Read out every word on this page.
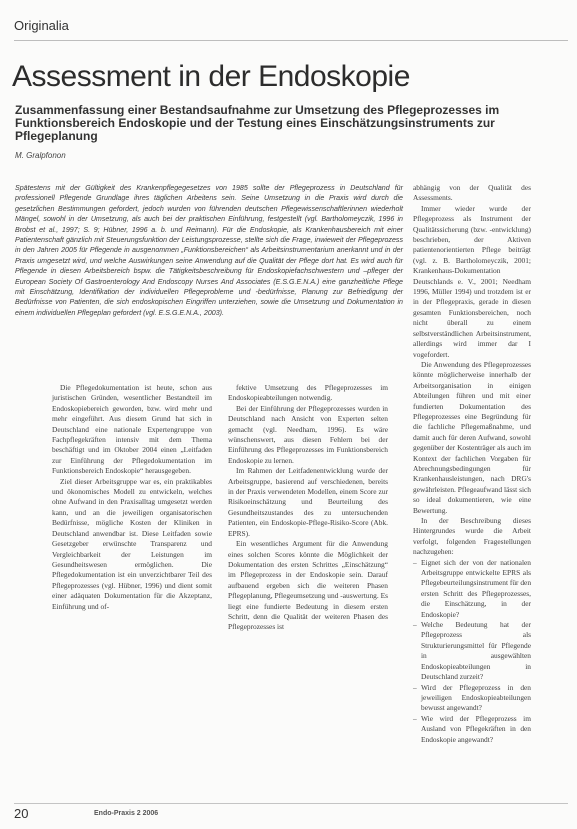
Originalia
Assessment in der Endoskopie
Zusammenfassung einer Bestandsaufnahme zur Umsetzung des Pflegeprozesses im Funktionsbereich Endoskopie und der Testung eines Einschätzungsinstruments zur Pflegeplanung
M. Gralpfonon

Spätestens mit der Gültigkeit des Krankenpflegegesetzes von 1985 sollte der Pflegeprozess in Deutschland für professionell Pflegende Grundlage ihres täglichen Arbeitens sein. Seine Umsetzung in die Praxis wird durch die gesetzlichen Bestimmungen gefordert, jedoch wurden von führenden deutschen Pflegewissenschaftlerinnen wiederholt Mängel, sowohl in der Umsetzung, als auch bei der praktischen Einführung, festgestellt (vgl. Bartholomeyczik, 1996 in Brobst et al., 1997; S. 9; Hübner, 1996 a. b. und Reimann). Für die Endoskopie, als Krankenhausbereich mit einer Patientenschaft gänzlich mit Steuerungsfunktion der Leistungsprozesse, stellte sich die Frage, inwieweit der Pflegeprozess in den Jahren 2005 für Pflegende in ausgenommen „Funktionsbereichen“ als Arbeitsinstrumentarium anerkannt und in der Praxis umgesetzt wird, und welche Auswirkungen seine Anwendung auf die Qualität der Pflege dort hat. Es wird auch für Pflegende in diesen Arbeitsbereich bspw. die Tätigkeitsbeschreibung für Endoskopiefachschwestern und –pfleger der European Society Of Gastroenterology And Endoscopy Nurses And Associates (E.S.G.E.N.A.) eine ganzheitliche Pflege mit Einschätzung, Identifikation der individuellen Pflegeprobleme und -bedürfnisse, Planung zur Befriedigung der Bedürfnisse von Patienten, die sich endoskopischen Eingriffen unterziehen, sowie die Umsetzung und Dokumentation in einem individuellen Pflegeplan gefordert (vgl. E.S.G.E.N.A., 2003).

Die Pflegedokumentation ist heute, schon aus juristischen Gründen, wesentlicher Bestandteil im Endoskopiebereich geworden, bzw. wird mehr und mehr eingeführt. Aus diesem Grund hat sich in Deutschland eine nationale Expertengruppe von Fachpflegekräften intensiv mit dem Thema beschäftigt und im Oktober 2004 einen „Leitfaden zur Einführung der Pflegedokumentation im Funktionsbereich Endoskopie“ herausgegeben.

Ziel dieser Arbeitsgruppe war es, ein praktikables und ökonomisches Modell zu entwickeln, welches ohne Aufwand in den Praxisalltag umgesetzt werden kann, und an die jeweiligen organisatorischen Bedürfnisse, mögliche Kosten der Kliniken in Deutschland anwendbar ist. Diese Leitfaden sowie Gesetzgeber erwünschte Transparenz und Vergleichbarkeit der Leistungen im Gesundheitswesen ermöglichen. Die Pflegedokumentation ist ein unverzichtbarer Teil des Pflegeprozesses (vgl. Hübner, 1996) und dient somit einer adäquaten Dokumentation für die Akzeptanz, Einführung und of-

fektive Umsetzung des Pflegeprozesses im Endoskopieabteilungen notwendig.

Bei der Einführung der Pflegeprozesses wurden in Deutschland nach Ansicht von Experten selten gemacht (vgl. Needham, 1996). Es wäre wünschenswert, aus diesen Fehlern bei der Einführung des Pflegeprozesses im Funktionsbereich Endoskopie zu lernen.

Im Rahmen der Leitfadenentwicklung wurde der Arbeitsgruppe, basierend auf verschiedenen, bereits in der Praxis verwendeten Modellen, einem Score zur Risikoeinschätzung und Beurteilung des Gesundheitszustandes des zu untersuchenden Patienten, ein Endoskopie-Pflege-Risiko-Score (Abk. EPRS).

Ein wesentliches Argument für die Anwendung eines solchen Scores könnte die Möglichkeit der Dokumentation des ersten Schrittes „Einschätzung“ im Pflegeprozess in der Endoskopie sein. Darauf aufbauend ergeben sich die weiteren Phasen Pflegeplanung, Pflegeumsetzung und -auswertung. Es liegt eine fundierte Bedeutung in diesem ersten Schritt, denn die Qualität der weiteren Phasen des Pflegeprozesses ist

abhängig von der Qualität des Assessments.

Immer wieder wurde der Pflegeprozess als Instrument der Qualitätssicherung (bzw. -entwicklung) beschrieben, der Aktiven patientenorientierten Pflege beiträgt (vgl. z. B. Bartholomeyczik, 2001; Krankenhaus-Dokumentation Deutschlands e. V., 2001; Needham 1996, Müller 1994) und trotzdem ist er in der Pflegepraxis, gerade in diesen gesamten Funktionsbereichen, noch nicht überall zu einem selbstverständlichen Arbeitsinstrument, allerdings wird immer dar I vogefordert.

Die Anwendung des Pflegeprozesses könnte möglicherweise innerhalb der Arbeitsorganisation in einigen Abteilungen führen und mit einer fundierten Dokumentation des Pflegeprozesses eine Begründung für die fachliche Pflegemaßnahme, und damit auch für deren Aufwand, sowohl gegenüber der Kostenträger als auch im Kontext der fachlichen Vorgaben für Abrechnungsbedingungen für Krankenhausleistungen, nach DRG's gewährleisten. Pflegeaufwand lässt sich so ideal dokumentieren, wie eine Bewertung.

In der Beschreibung dieses Hintergrundes wurde die Arbeit verfolgt, folgenden Fragestellungen nachzugehen:

– Eignet sich der von der nationalen Arbeitsgruppe entwickelte EPRS als Pflegebeurteilungsinstrument für den ersten Schritt des Pflegeprozesses, die Einschätzung, in der Endoskopie?
– Welche Bedeutung hat der Pflegeprozess als Strukturierungsmittel für Pflegende in ausgewählten Endoskopieabteilungen in Deutschland zurzeit?
– Wird der Pflegeprozess in den jeweiligen Endoskopieabteilungen bewusst angewandt?
– Wie wird der Pflegeprozess im Ausland von Pflegekräften in den Endoskopie angewandt?
20	Endo-Praxis 2 2006
